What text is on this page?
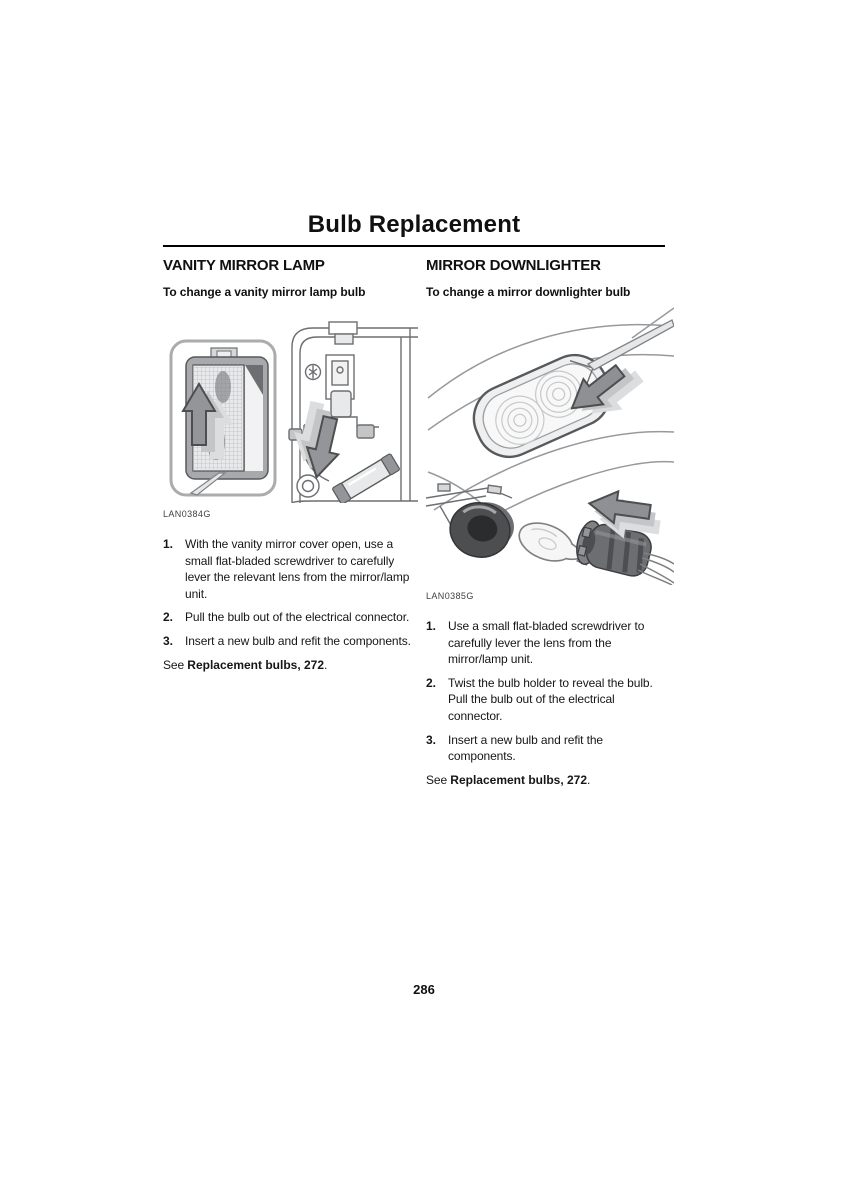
Bulb Replacement
VANITY MIRROR LAMP
To change a vanity mirror lamp bulb
LAN0384G
1. With the vanity mirror cover open, use a small flat-bladed screwdriver to carefully lever the relevant lens from the mirror/lamp unit.
2. Pull the bulb out of the electrical connector.
3. Insert a new bulb and refit the components.
See Replacement bulbs, 272.
MIRROR DOWNLIGHTER
To change a mirror downlighter bulb
LAN0385G
1. Use a small flat-bladed screwdriver to carefully lever the lens from the mirror/lamp unit.
2. Twist the bulb holder to reveal the bulb. Pull the bulb out of the electrical connector.
3. Insert a new bulb and refit the components.
See Replacement bulbs, 272.
286
